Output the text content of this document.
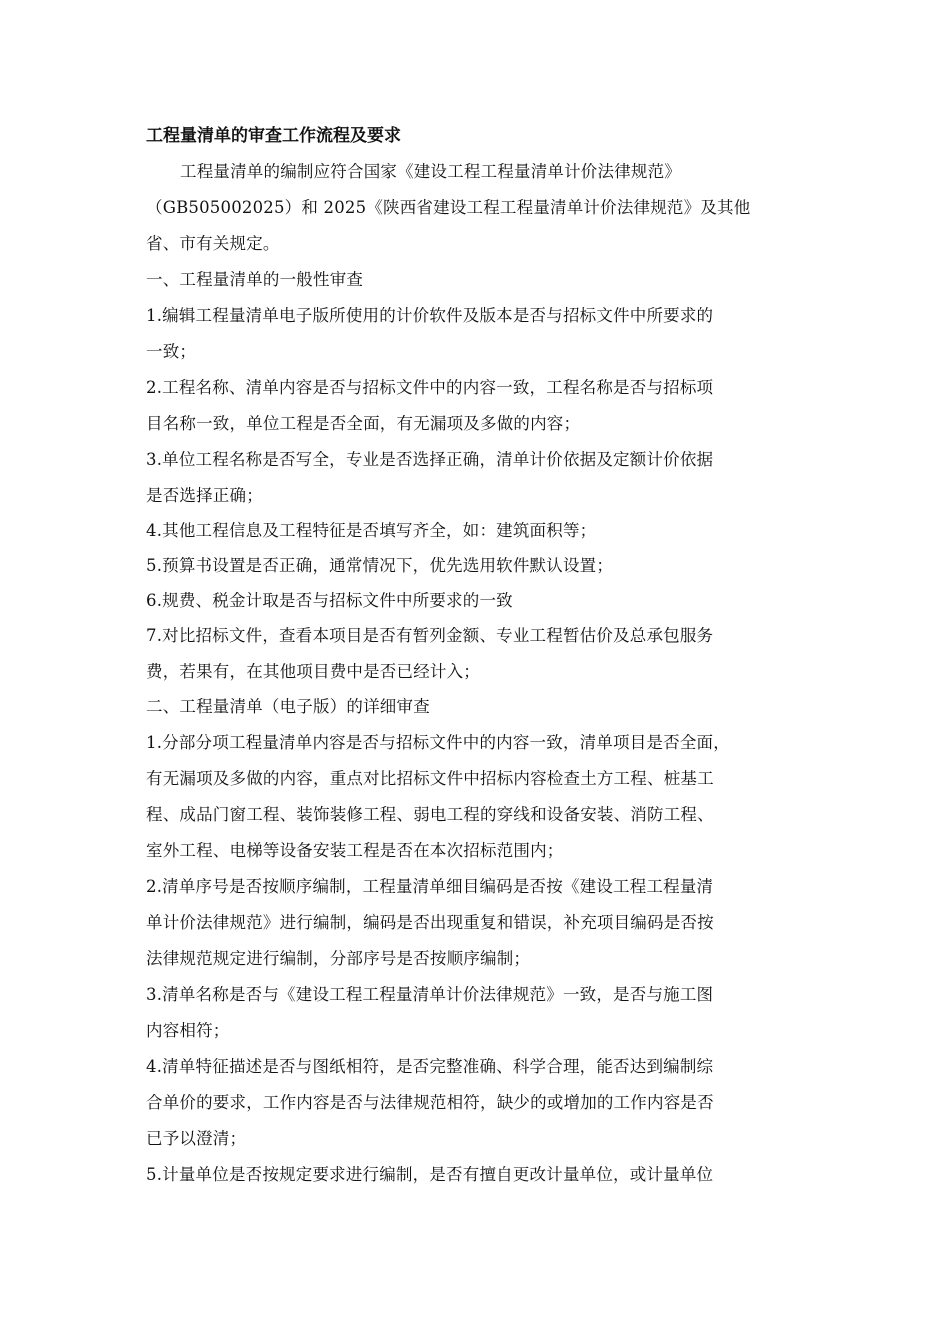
工程量清单的审查工作流程及要求
工程量清单的编制应符合国家《建设工程工程量清单计价法律规范》
（GB505002025）和 2025《陕西省建设工程工程量清单计价法律规范》及其他
省、市有关规定。
一、工程量清单的一般性审查
1.编辑工程量清单电子版所使用的计价软件及版本是否与招标文件中所要求的
一致；
2.工程名称、清单内容是否与招标文件中的内容一致，工程名称是否与招标项
目名称一致，单位工程是否全面，有无漏项及多做的内容；
3.单位工程名称是否写全，专业是否选择正确，清单计价依据及定额计价依据
是否选择正确；
4.其他工程信息及工程特征是否填写齐全，如：建筑面积等；
5.预算书设置是否正确，通常情况下，优先选用软件默认设置；
6.规费、税金计取是否与招标文件中所要求的一致
7.对比招标文件，查看本项目是否有暂列金额、专业工程暂估价及总承包服务
费，若果有，在其他项目费中是否已经计入；
二、工程量清单（电子版）的详细审查
1.分部分项工程量清单内容是否与招标文件中的内容一致，清单项目是否全面，
有无漏项及多做的内容，重点对比招标文件中招标内容检查土方工程、桩基工
程、成品门窗工程、装饰装修工程、弱电工程的穿线和设备安装、消防工程、
室外工程、电梯等设备安装工程是否在本次招标范围内；
2.清单序号是否按顺序编制，工程量清单细目编码是否按《建设工程工程量清
单计价法律规范》进行编制，编码是否出现重复和错误，补充项目编码是否按
法律规范规定进行编制，分部序号是否按顺序编制；
3.清单名称是否与《建设工程工程量清单计价法律规范》一致，是否与施工图
内容相符；
4.清单特征描述是否与图纸相符，是否完整准确、科学合理，能否达到编制综
合单价的要求，工作内容是否与法律规范相符，缺少的或增加的工作内容是否
已予以澄清；
5.计量单位是否按规定要求进行编制，是否有擅自更改计量单位，或计量单位
